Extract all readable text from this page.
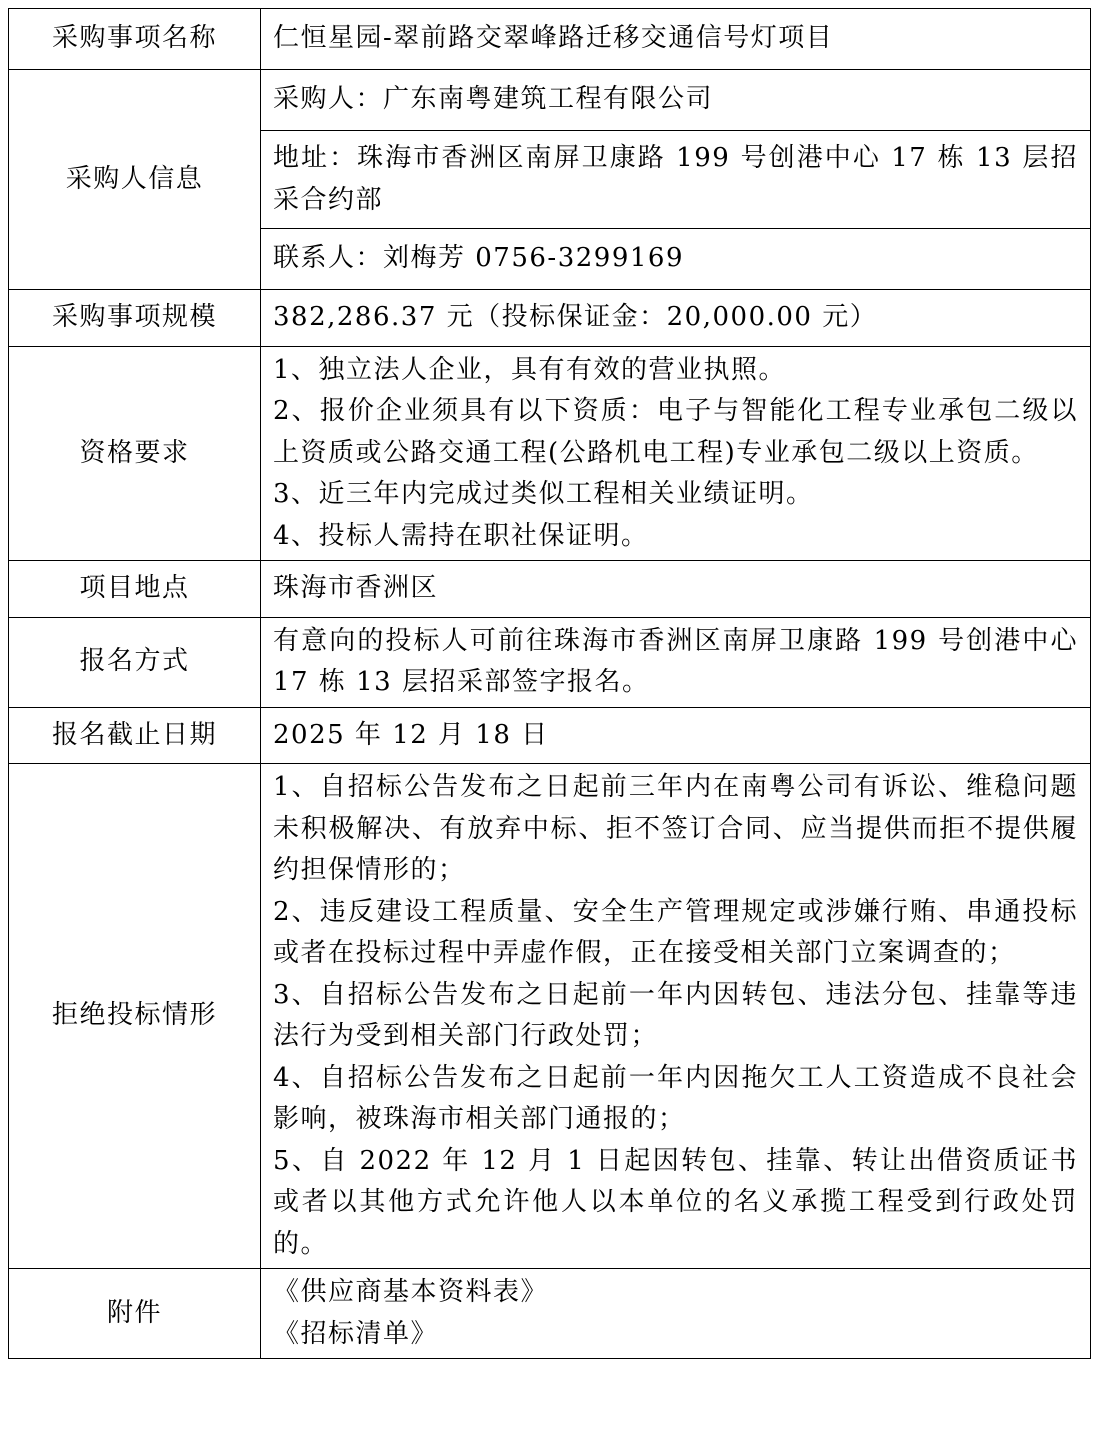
采购事项名称	仁恒星园-翠前路交翠峰路迁移交通信号灯项目
采购人信息	采购人：广东南粤建筑工程有限公司
	地址：珠海市香洲区南屏卫康路 199 号创港中心 17 栋 13 层招采合约部
	联系人：刘梅芳 0756-3299169
采购事项规模	382,286.37 元（投标保证金：20,000.00 元）
资格要求	1、独立法人企业，具有有效的营业执照。
2、报价企业须具有以下资质：电子与智能化工程专业承包二级以上资质或公路交通工程(公路机电工程)专业承包二级以上资质。
3、近三年内完成过类似工程相关业绩证明。
4、投标人需持在职社保证明。

项目地点	珠海市香洲区
报名方式	有意向的投标人可前往珠海市香洲区南屏卫康路 199 号创港中心 17 栋 13 层招采部签字报名。
报名截止日期	2025 年 12 月 18 日
拒绝投标情形	1、自招标公告发布之日起前三年内在南粤公司有诉讼、维稳问题未积极解决、有放弃中标、拒不签订合同、应当提供而拒不提供履约担保情形的；
2、违反建设工程质量、安全生产管理规定或涉嫌行贿、串通投标或者在投标过程中弄虚作假，正在接受相关部门立案调查的；
3、自招标公告发布之日起前一年内因转包、违法分包、挂靠等违法行为受到相关部门行政处罚；
4、自招标公告发布之日起前一年内因拖欠工人工资造成不良社会影响，被珠海市相关部门通报的；
5、自 2022 年 12 月 1 日起因转包、挂靠、转让出借资质证书或者以其他方式允许他人以本单位的名义承揽工程受到行政处罚的。

附件	《供应商基本资料表》
《招标清单》
